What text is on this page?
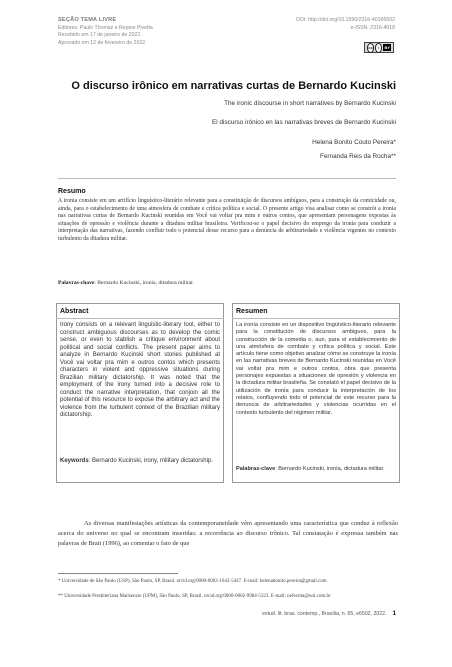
SEÇÃO TEMA LIVRE
Editores: Paulo Thomaz e Rejane Pivetta
Recebido em 17 de janeiro de 2022.
Aprovado em 12 de fevereiro de 2022.
DOI: http://doi.org/10.1590/2316-40186502
e-ISSN: 2316-4018
cc	i	BY
O discurso irônico em narrativas curtas de Bernardo Kucinski
The ironic discourse in short narratives by Bernardo Kucinski
El discurso irónico en las narrativas breves de Bernardo Kucinski
Helena Bonito Couto Pereira*
Fernanda Reis da Rocha**
Resumo
A ironia consiste em um artifício linguístico-literário relevante para a constituição de discursos ambíguos, para a construção da comicidade ou, ainda, para o estabelecimento de uma atmosfera de combate e crítica política e social. O presente artigo visa analisar como se constrói a ironia nas narrativas curtas de Bernardo Kucinski reunidas em Você vai voltar pra mim e outros contos, que apresentam personagens expostas às situações de opressão e violência durante a ditadura militar brasileira. Verificou-se o papel decisivo do emprego da ironia para conduzir a interpretação das narrativas, fazendo confluir todo o potencial desse recurso para a denúncia de arbitrariedade e violência vigentes no contexto turbulento da ditadura militar.
Palavras-chave: Bernardo Kucinski, ironia, ditadura militar.
Abstract
Irony consists on a relevant linguistic-literary tool, either to construct ambiguous discourses as to develop the comic sense, or even to stablish a critique environment about political and social conflicts. The present paper aims to analyze in Bernardo Kucinski short stories published at Você vai voltar pra mim e outros contos which presents characters in violent and oppressive situations during Brazilian military dictatorship. It was noted that the employment of the irony turned into a decisive role to conduct the narrative interpretation, that conjoin all the potential of this resource to expose the arbitrary act and the violence from the turbulent context of the Brazilian military dictatorship.
Keywords: Bernardo Kucinski, irony, military dictatorship.
Resumen
La ironía consiste en un dispositivo lingüístico-literario relevante para la constitución de discursos ambiguos, para la construcción de la comedia o, aun, para el establecimiento de una atmósfera de combate y crítica política y social. Este artículo tiene como objetivo analizar cómo se construye la ironía en las narrativas breves de Bernardo Kucinski reunidas en Você vai voltar pra mim e outros contos, obra que presenta personajes expuestas a situaciones de opresión y violencia en la dictadura militar brasileña. Se constató el papel decisivo de la utilización de ironía para conducir la interpretación de los relatos, confluyendo todo el potencial de este recurso para la denuncia de arbitrariedades y violencias ocurridas en el contexto turbulento del régimen militar.
Palabras-clave: Bernardo Kucinski, ironía, dictadura militar.
As diversas manifestações artísticas da contemporaneidade vêm apresentando uma característica que conduz à reflexão acerca do universo no qual se encontram inseridas: a recorrência ao discurso irônico. Tal constatação é expressa também nas palavras de Brait (1996), ao comentar o fato de que
* Universidade de São Paulo (USP), São Paulo, SP, Brasil. orcid.org/0000-0002-1642-5447. E-mail: helenabonito.pereira@gmail.com
** Universidade Presbiteriana Mackenzie (UPM), São Paulo, SP, Brasil. orcid.org/0000-0002-9984-5323. E-mail: nefersita@uol.com.br
estud. lit. bras. contemp., Brasília, n. 65, e6502, 2022. 1
